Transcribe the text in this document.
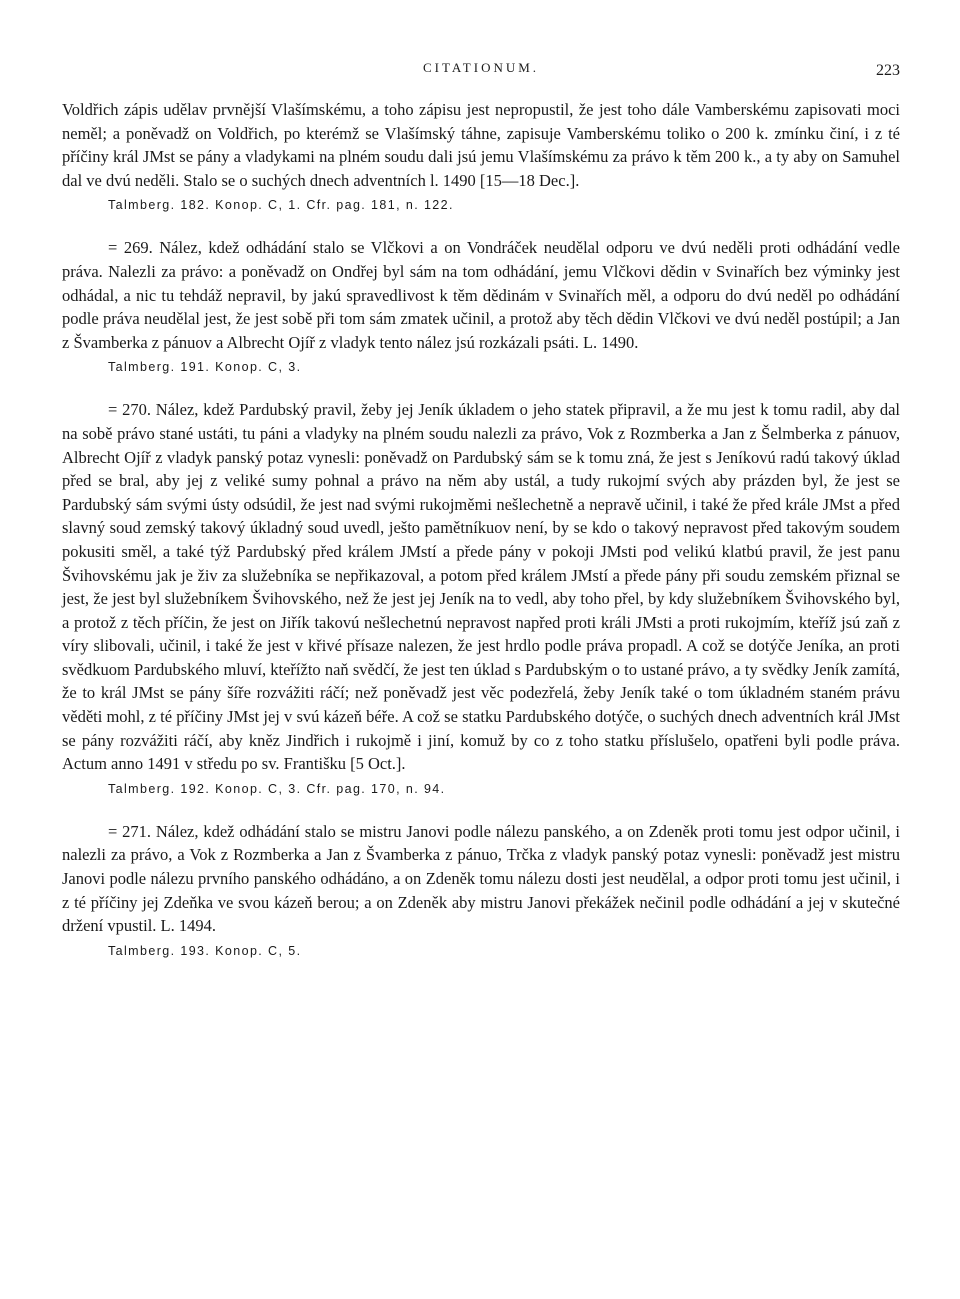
CITATIONUM.	223

Voldřich zápis udělav prvnější Vlašímskému, a toho zápisu jest nepropustil, že jest toho dále Vamberskému zapisovati moci neměl; a poněvadž on Voldřich, po kterémž se Vlašímský táhne, zapisuje Vamberskému toliko o 200 k. zmínku činí, i z té příčiny král JMst se pány a vladykami na plném soudu dali jsú jemu Vlašímskému za právo k těm 200 k., a ty aby on Samuhel dal ve dvú neděli. Stalo se o suchých dnech adventních l. 1490 [15—18 Dec.].

Talmberg. 182. Konop. C, 1. Cfr. pag. 181, n. 122.

= 269. Nález, kdež odhádání stalo se Vlčkovi a on Vondráček neudělal odporu ve dvú neděli proti odhádání vedle práva. Nalezli za právo: a poněvadž on Ondřej byl sám na tom odhádání, jemu Vlčkovi dědin v Svinařích bez výminky jest odhádal, a nic tu tehdáž nepravil, by jakú spravedlivost k těm dědinám v Svinařích měl, a odporu do dvú neděl po odhádání podle práva neudělal jest, že jest sobě při tom sám zmatek učinil, a protož aby těch dědin Vlčkovi ve dvú neděl postúpil; a Jan z Švamberka z pánuov a Albrecht Ojíř z vladyk tento nález jsú rozkázali psáti. L. 1490.

Talmberg. 191. Konop. C, 3.

= 270. Nález, kdež Pardubský pravil, žeby jej Jeník úkladem o jeho statek připravil, a že mu jest k tomu radil, aby dal na sobě právo stané ustáti, tu páni a vladyky na plném soudu nalezli za právo, Vok z Rozmberka a Jan z Šelmberka z pánuov, Albrecht Ojíř z vladyk panský potaz vynesli: poněvadž on Pardubský sám se k tomu zná, že jest s Jeníkovú radú takový úklad před se bral, aby jej z veliké sumy pohnal a právo na něm aby ustál, a tudy rukojmí svých aby prázden byl, že jest se Pardubský sám svými ústy odsúdil, že jest nad svými rukojměmi nešlechetně a nepravě učinil, i také že před krále JMst a před slavný soud zemský takový úkladný soud uvedl, ješto pamětníkuov není, by se kdo o takový nepravost před takovým soudem pokusiti směl, a také týž Pardubský před králem JMstí a přede pány v pokoji JMsti pod velikú klatbú pravil, že jest panu Švihovskému jak je živ za služebníka se nepřikazoval, a potom před králem JMstí a přede pány při soudu zemském přiznal se jest, že jest byl služebníkem Švihovského, než že jest jej Jeník na to vedl, aby toho přel, by kdy služebníkem Švihovského byl, a protož z těch příčin, že jest on Jiřík takovú nešlechetnú nepravost napřed proti králi JMsti a proti rukojmím, kteříž jsú zaň z víry slibovali, učinil, i také že jest v křivé přísaze nalezen, že jest hrdlo podle práva propadl. A což se dotýče Jeníka, an proti svědkuom Pardubského mluví, kteřížto naň svědčí, že jest ten úklad s Pardubským o to ustané právo, a ty svědky Jeník zamítá, že to král JMst se pány šíře rozvážiti ráčí; než poněvadž jest věc podezřelá, žeby Jeník také o tom úkladném staném právu věděti mohl, z té příčiny JMst jej v svú kázeň béře. A což se statku Pardubského dotýče, o suchých dnech adventních král JMst se pány rozvážiti ráčí, aby kněz Jindřich i rukojmě i jiní, komuž by co z toho statku příslušelo, opatřeni byli podle práva. Actum anno 1491 v středu po sv. Františku [5 Oct.].

Talmberg. 192. Konop. C, 3. Cfr. pag. 170, n. 94.

= 271. Nález, kdež odhádání stalo se mistru Janovi podle nálezu panského, a on Zdeněk proti tomu jest odpor učinil, i nalezli za právo, a Vok z Rozmberka a Jan z Švamberka z pánuo, Trčka z vladyk panský potaz vynesli: poněvadž jest mistru Janovi podle nálezu prvního panského odhádáno, a on Zdeněk tomu nálezu dosti jest neudělal, a odpor proti tomu jest učinil, i z té příčiny jej Zdeňka ve svou kázeň berou; a on Zdeněk aby mistru Janovi překážek nečinil podle odhádání a jej v skutečné držení vpustil. L. 1494.

Talmberg. 193. Konop. C, 5.
